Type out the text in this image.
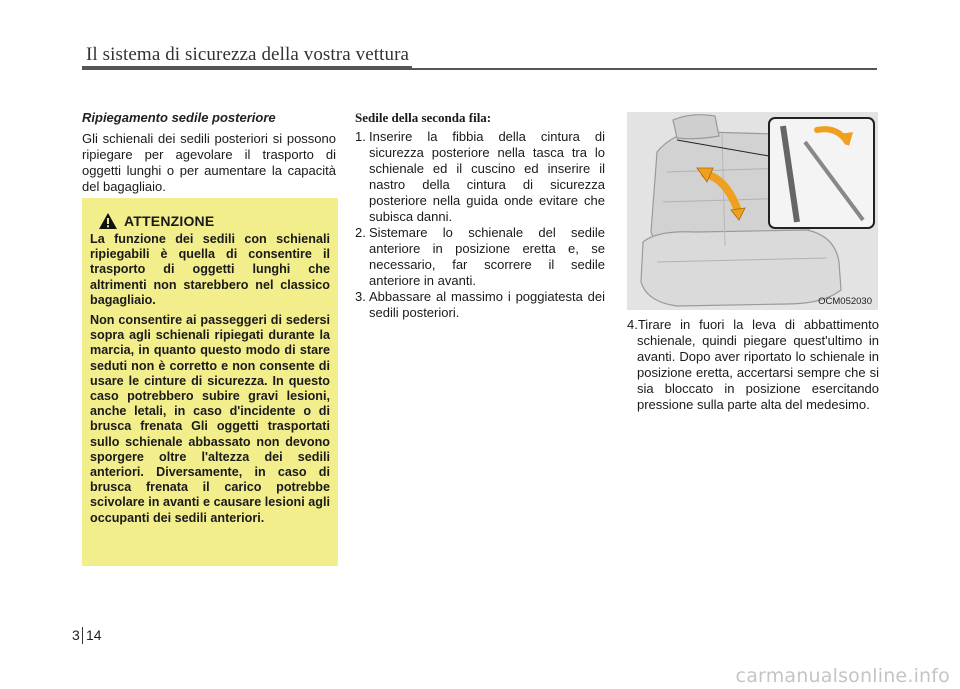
Il sistema di sicurezza della vostra vettura

Ripiegamento sedile posteriore

Gli schienali dei sedili posteriori si possono ripiegare per agevolare il trasporto di oggetti lunghi o per aumentare la capacità del bagagliaio.

ATTENZIONE

La funzione dei sedili con schienali ripiegabili è quella di consentire il trasporto di oggetti lunghi che altrimenti non starebbero nel classico bagagliaio.

Non consentire ai passeggeri di sedersi sopra agli schienali ripiegati durante la marcia, in quanto questo modo di stare seduti non è corretto e non consente di usare le cinture di sicurezza. In questo caso potrebbero subire gravi lesioni, anche letali, in caso d'incidente o di brusca frenata Gli oggetti trasportati sullo schienale abbassato non devono sporgere oltre l'altezza dei sedili anteriori. Diversamente, in caso di brusca frenata il carico potrebbe scivolare in avanti e causare lesioni agli occupanti dei sedili anteriori.

Sedile della seconda fila:

1. Inserire la fibbia della cintura di sicurezza posteriore nella tasca tra lo schienale ed il cuscino ed inserire il nastro della cintura di sicurezza posteriore nella guida onde evitare che subisca danni.
2. Sistemare lo schienale del sedile anteriore in posizione eretta e, se necessario, far scorrere il sedile anteriore in avanti.
3. Abbassare al massimo i poggiatesta dei sedili posteriori.
OCM052030

4.Tirare in fuori la leva di abbattimento schienale, quindi piegare quest'ultimo in avanti. Dopo aver riportato lo schienale in posizione eretta, accertarsi sempre che si sia bloccato in posizione esercitando pressione sulla parte alta del medesimo.

3 14
carmanualsonline.info
